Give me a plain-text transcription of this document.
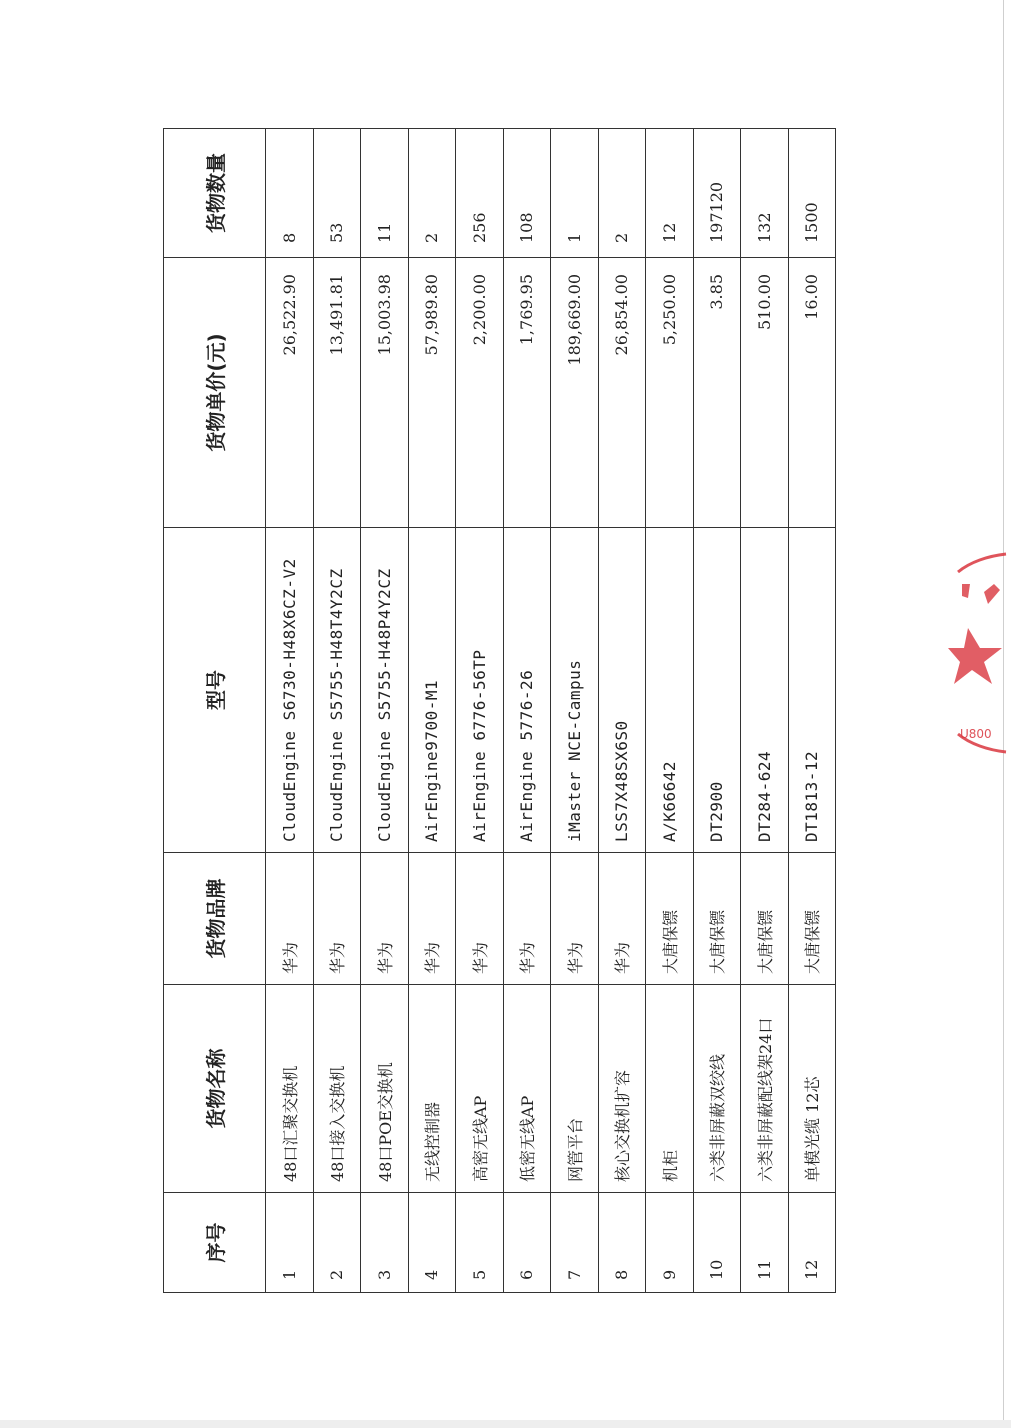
序号	货物名称	货物品牌	型号	货物单价(元)	货物数量
1	48口汇聚交换机	华为	CloudEngine S6730-H48X6CZ-V2	26,522.90	8
2	48口接入交换机	华为	CloudEngine S5755-H48T4Y2CZ	13,491.81	53
3	48口POE交换机	华为	CloudEngine S5755-H48P4Y2CZ	15,003.98	11
4	无线控制器	华为	AirEngine9700-M1	57,989.80	2
5	高密无线AP	华为	AirEngine 6776-56TP	2,200.00	256
6	低密无线AP	华为	AirEngine 5776-26	1,769.95	108
7	网管平台	华为	iMaster NCE-Campus	189,669.00	1
8	核心交换机扩容	华为	LSS7X48SX6S0	26,854.00	2
9	机柜	大唐保镖	A/K66642	5,250.00	12
10	六类非屏蔽双绞线	大唐保镖	DT2900	3.85	197120
11	六类非屏蔽配线架24口	大唐保镖	DT284-624	510.00	132
12	单模光缆 12芯	大唐保镖	DT1813-12	16.00	1500
U800
